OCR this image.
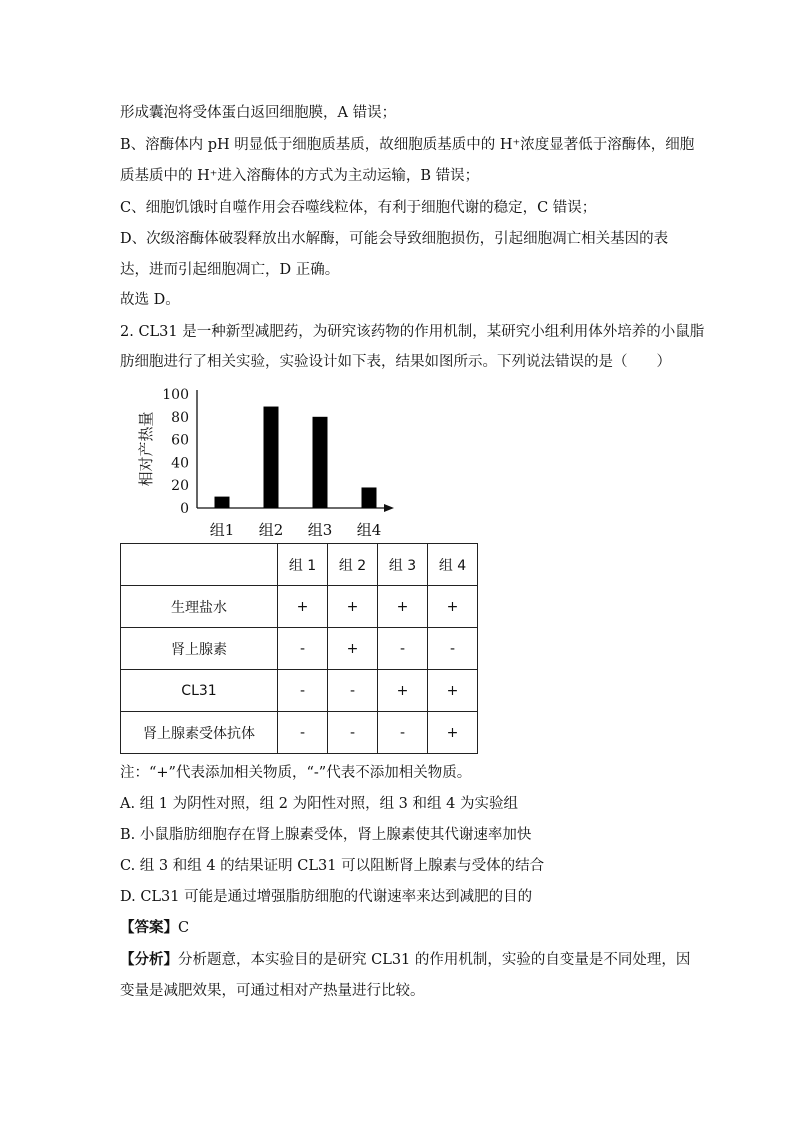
形成囊泡将受体蛋白返回细胞膜，A 错误；
B、溶酶体内 pH 明显低于细胞质基质，故细胞质基质中的 H⁺浓度显著低于溶酶体，细胞
质基质中的 H⁺进入溶酶体的方式为主动运输，B 错误；
C、细胞饥饿时自噬作用会吞噬线粒体，有利于细胞代谢的稳定，C 错误；
D、次级溶酶体破裂释放出水解酶，可能会导致细胞损伤，引起细胞凋亡相关基因的表
达，进而引起细胞凋亡，D 正确。
故选 D。
2. CL31 是一种新型减肥药，为研究该药物的作用机制，某研究小组利用体外培养的小鼠脂
肪细胞进行了相关实验，实验设计如下表，结果如图所示。下列说法错误的是（　　）
相对产热量
0
20
40
60
80
100
组1 组2 组3 组4
	组 1	组 2	组 3	组 4
生理盐水	+	+	+	+
肾上腺素	-	+	-	-
CL31	-	-	+	+
肾上腺素受体抗体	-	-	-	+
注：“+”代表添加相关物质，“-”代表不添加相关物质。
A. 组 1 为阴性对照，组 2 为阳性对照，组 3 和组 4 为实验组
B. 小鼠脂肪细胞存在肾上腺素受体，肾上腺素使其代谢速率加快
C. 组 3 和组 4 的结果证明 CL31 可以阻断肾上腺素与受体的结合
D. CL31 可能是通过增强脂肪细胞的代谢速率来达到减肥的目的
【答案】C
【分析】分析题意，本实验目的是研究 CL31 的作用机制，实验的自变量是不同处理，因
变量是减肥效果，可通过相对产热量进行比较。
